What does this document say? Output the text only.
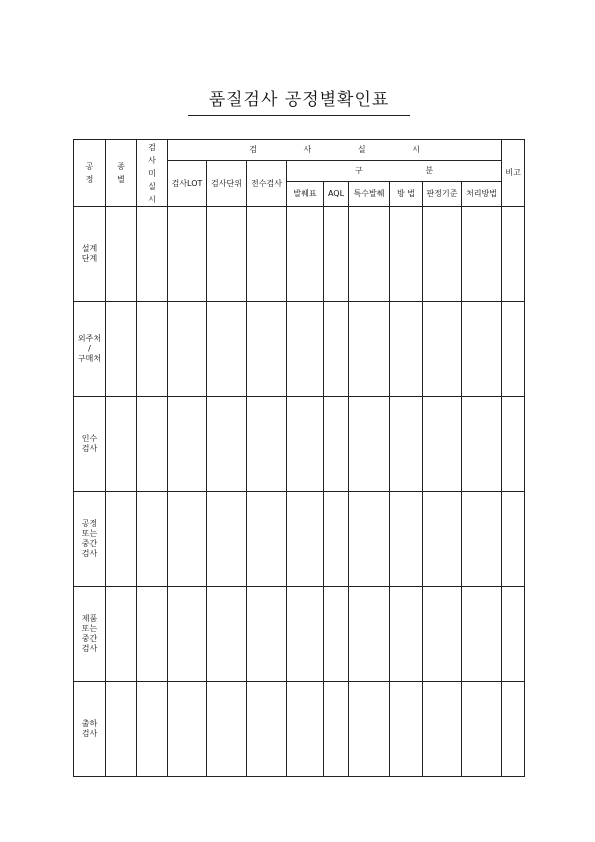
품질검사 공정별확인표
공정	종별	검사미실시	검 사 실 시									비고
			검사LOT	검사단위	전수검사	구 분						
						발췌표	AQL	특수발췌	방 법	판정기준	처리방법	

설계
단계												

외주처
/
구매처												

인수
검사												

공정
또는
중간
검사												

제품
또는
중간
검사												

출하
검사												
